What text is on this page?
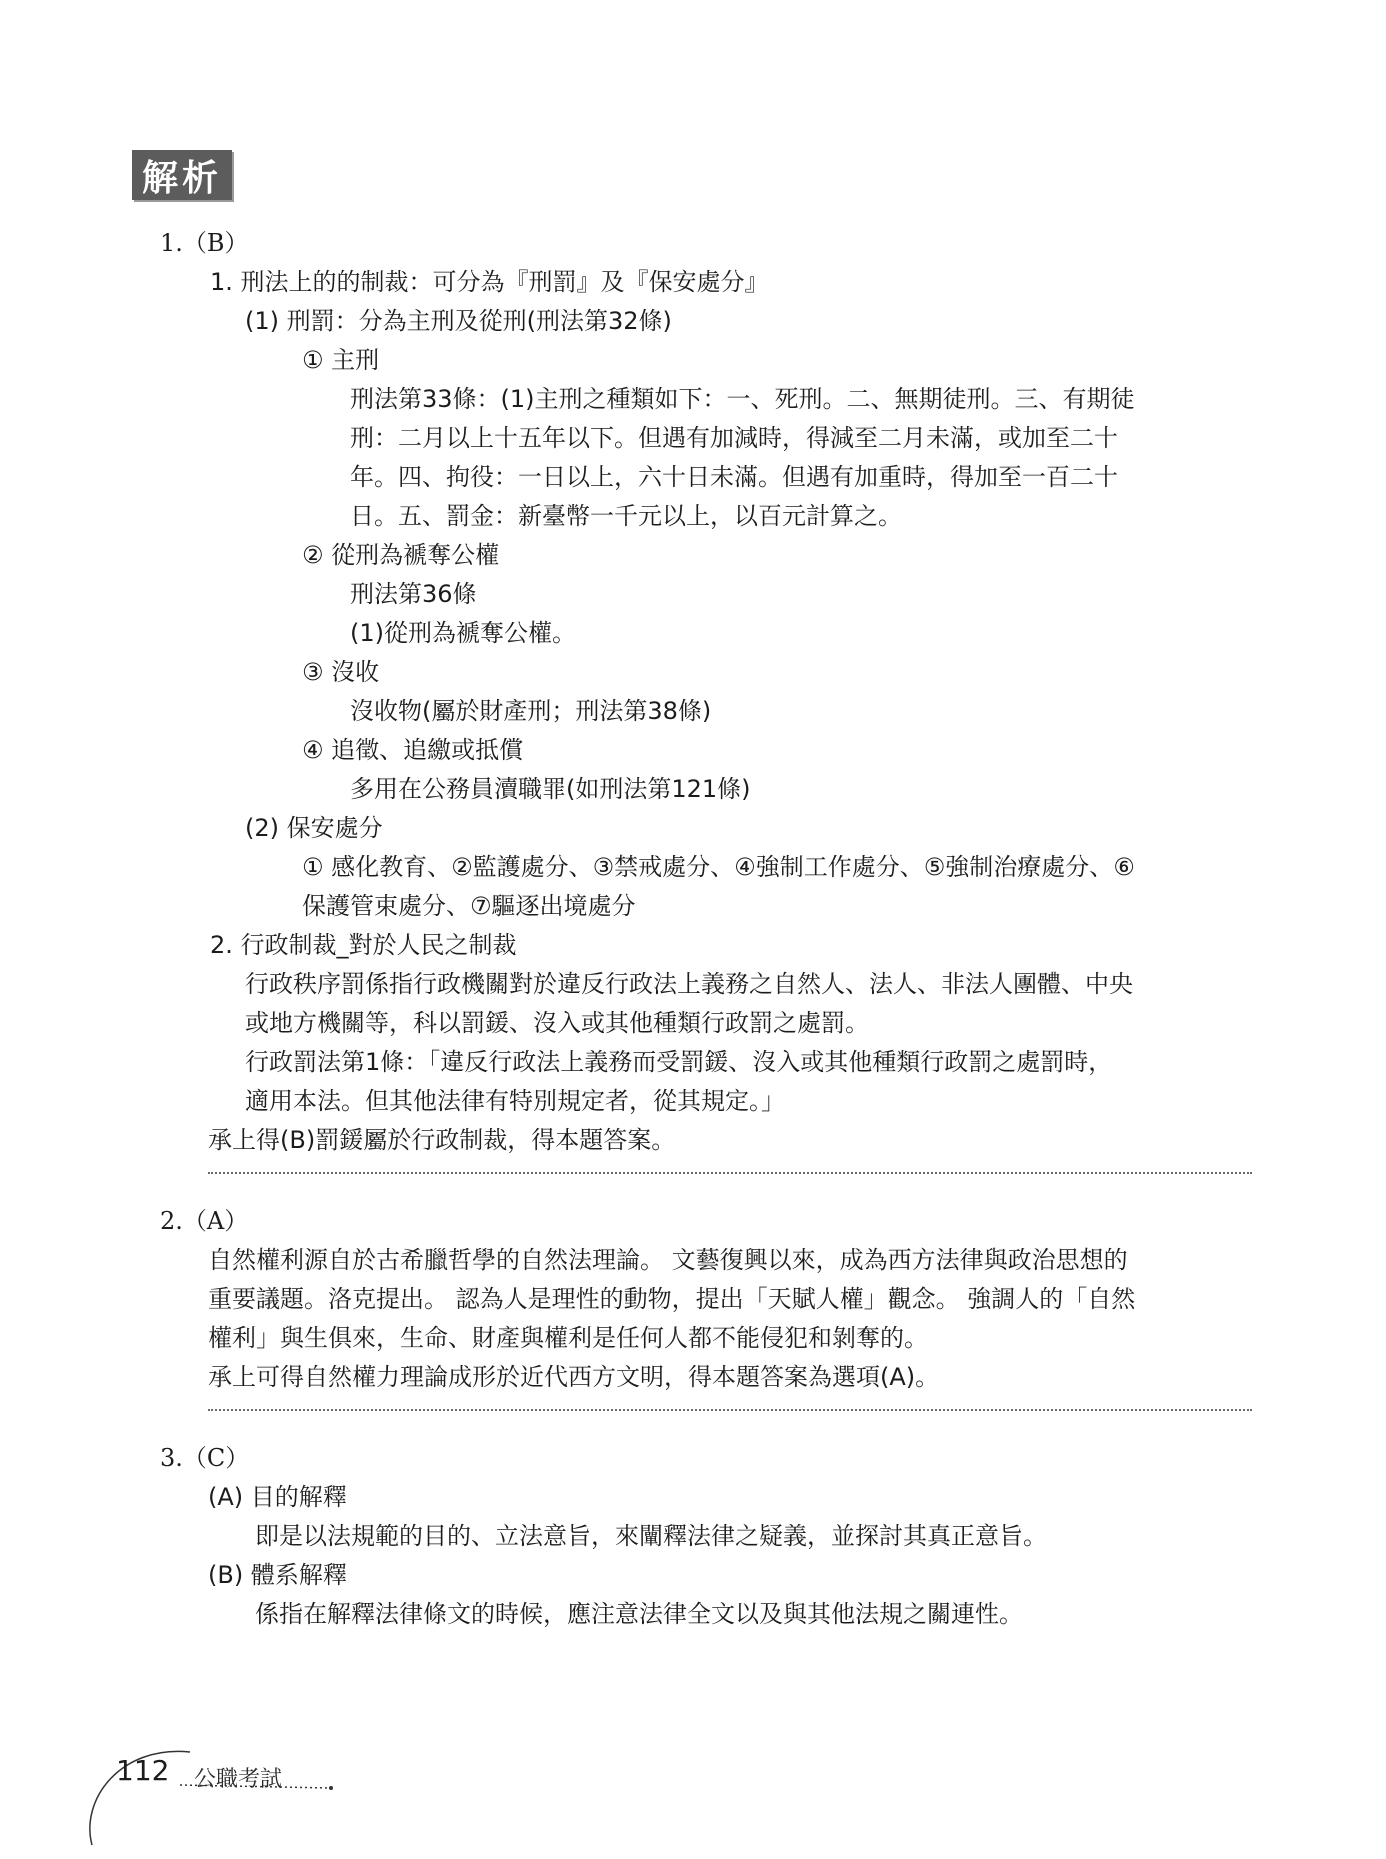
解析
1.（B）
1. 刑法上的的制裁：可分為『刑罰』及『保安處分』
(1) 刑罰：分為主刑及從刑(刑法第32條)
① 主刑
刑法第33條：(1)主刑之種類如下：一、死刑。二、無期徒刑。三、有期徒
刑：二月以上十五年以下。但遇有加減時，得減至二月未滿，或加至二十
年。四、拘役：一日以上，六十日未滿。但遇有加重時，得加至一百二十
日。五、罰金：新臺幣一千元以上，以百元計算之。
② 從刑為褫奪公權
刑法第36條
(1)從刑為褫奪公權。
③ 沒收
沒收物(屬於財產刑；刑法第38條)
④ 追徵、追繳或抵償
多用在公務員瀆職罪(如刑法第121條)
(2) 保安處分
① 感化教育、②監護處分、③禁戒處分、④強制工作處分、⑤強制治療處分、⑥
保護管束處分、⑦驅逐出境處分
2. 行政制裁_對於人民之制裁
行政秩序罰係指行政機關對於違反行政法上義務之自然人、法人、非法人團體、中央
或地方機關等，科以罰鍰、沒入或其他種類行政罰之處罰。
行政罰法第1條：「違反行政法上義務而受罰鍰、沒入或其他種類行政罰之處罰時，
適用本法。但其他法律有特別規定者，從其規定。」
承上得(B)罰鍰屬於行政制裁，得本題答案。
2.（A）
自然權利源自於古希臘哲學的自然法理論。 文藝復興以來，成為西方法律與政治思想的
重要議題。洛克提出。 認為人是理性的動物，提出「天賦人權」觀念。 強調人的「自然
權利」與生俱來，生命、財產與權利是任何人都不能侵犯和剝奪的。
承上可得自然權力理論成形於近代西方文明，得本題答案為選項(A)。
3.（C）
(A) 目的解釋
即是以法規範的目的、立法意旨，來闡釋法律之疑義，並探討其真正意旨。
(B) 體系解釋
係指在解釋法律條文的時候，應注意法律全文以及與其他法規之關連性。
112 公職考試
